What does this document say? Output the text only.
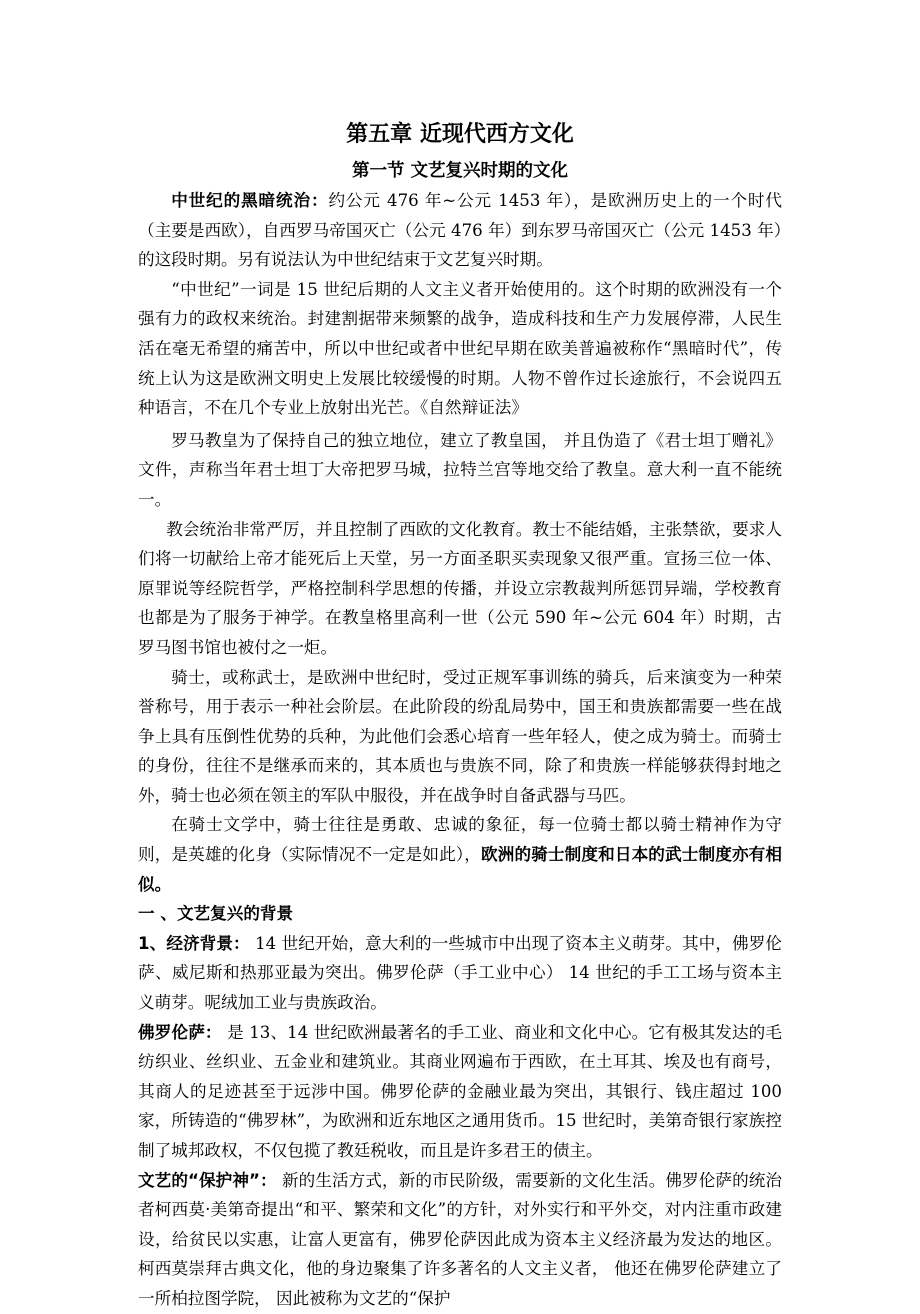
第五章 近现代西方文化
第一节 文艺复兴时期的文化

中世纪的黑暗统治：约公元 476 年~公元 1453 年），是欧洲历史上的一个时代（主要是西欧），自西罗马帝国灭亡（公元 476 年）到东罗马帝国灭亡（公元 1453 年）的这段时期。另有说法认为中世纪结束于文艺复兴时期。

“中世纪”一词是 15 世纪后期的人文主义者开始使用的。这个时期的欧洲没有一个强有力的政权来统治。封建割据带来频繁的战争，造成科技和生产力发展停滞，人民生活在毫无希望的痛苦中，所以中世纪或者中世纪早期在欧美普遍被称作“黑暗时代”，传统上认为这是欧洲文明史上发展比较缓慢的时期。人物不曾作过长途旅行，不会说四五种语言，不在几个专业上放射出光芒。《自然辩证法》

罗马教皇为了保持自己的独立地位，建立了教皇国， 并且伪造了《君士坦丁赠礼》文件，声称当年君士坦丁大帝把罗马城，拉特兰宫等地交给了教皇。意大利一直不能统一。

教会统治非常严厉，并且控制了西欧的文化教育。教士不能结婚，主张禁欲，要求人们将一切献给上帝才能死后上天堂，另一方面圣职买卖现象又很严重。宣扬三位一体、原罪说等经院哲学，严格控制科学思想的传播，并设立宗教裁判所惩罚异端，学校教育也都是为了服务于神学。在教皇格里高利一世（公元 590 年~公元 604 年）时期，古罗马图书馆也被付之一炬。

骑士，或称武士，是欧洲中世纪时，受过正规军事训练的骑兵，后来演变为一种荣誉称号，用于表示一种社会阶层。在此阶段的纷乱局势中，国王和贵族都需要一些在战争上具有压倒性优势的兵种，为此他们会悉心培育一些年轻人，使之成为骑士。而骑士的身份，往往不是继承而来的，其本质也与贵族不同，除了和贵族一样能够获得封地之外，骑士也必须在领主的军队中服役，并在战争时自备武器与马匹。

在骑士文学中，骑士往往是勇敢、忠诚的象征，每一位骑士都以骑士精神作为守则，是英雄的化身（实际情况不一定是如此），欧洲的骑士制度和日本的武士制度亦有相似。

一 、文艺复兴的背景

1、经济背景： 14 世纪开始，意大利的一些城市中出现了资本主义萌芽。其中，佛罗伦萨、威尼斯和热那亚最为突出。佛罗伦萨（手工业中心） 14 世纪的手工工场与资本主义萌芽。呢绒加工业与贵族政治。

佛罗伦萨： 是 13、14 世纪欧洲最著名的手工业、商业和文化中心。它有极其发达的毛纺织业、丝织业、五金业和建筑业。其商业网遍布于西欧，在土耳其、埃及也有商号，其商人的足迹甚至于远涉中国。佛罗伦萨的金融业最为突出，其银行、钱庄超过 100 家，所铸造的“佛罗林”，为欧洲和近东地区之通用货币。15 世纪时，美第奇银行家族控制了城邦政权，不仅包揽了教廷税收，而且是许多君王的债主。

文艺的“保护神”： 新的生活方式，新的市民阶级，需要新的文化生活。佛罗伦萨的统治者柯西莫·美第奇提出“和平、繁荣和文化”的方针，对外实行和平外交，对内注重市政建设，给贫民以实惠，让富人更富有，佛罗伦萨因此成为资本主义经济最为发达的地区。柯西莫崇拜古典文化，他的身边聚集了许多著名的人文主义者， 他还在佛罗伦萨建立了一所柏拉图学院， 因此被称为文艺的“保护
